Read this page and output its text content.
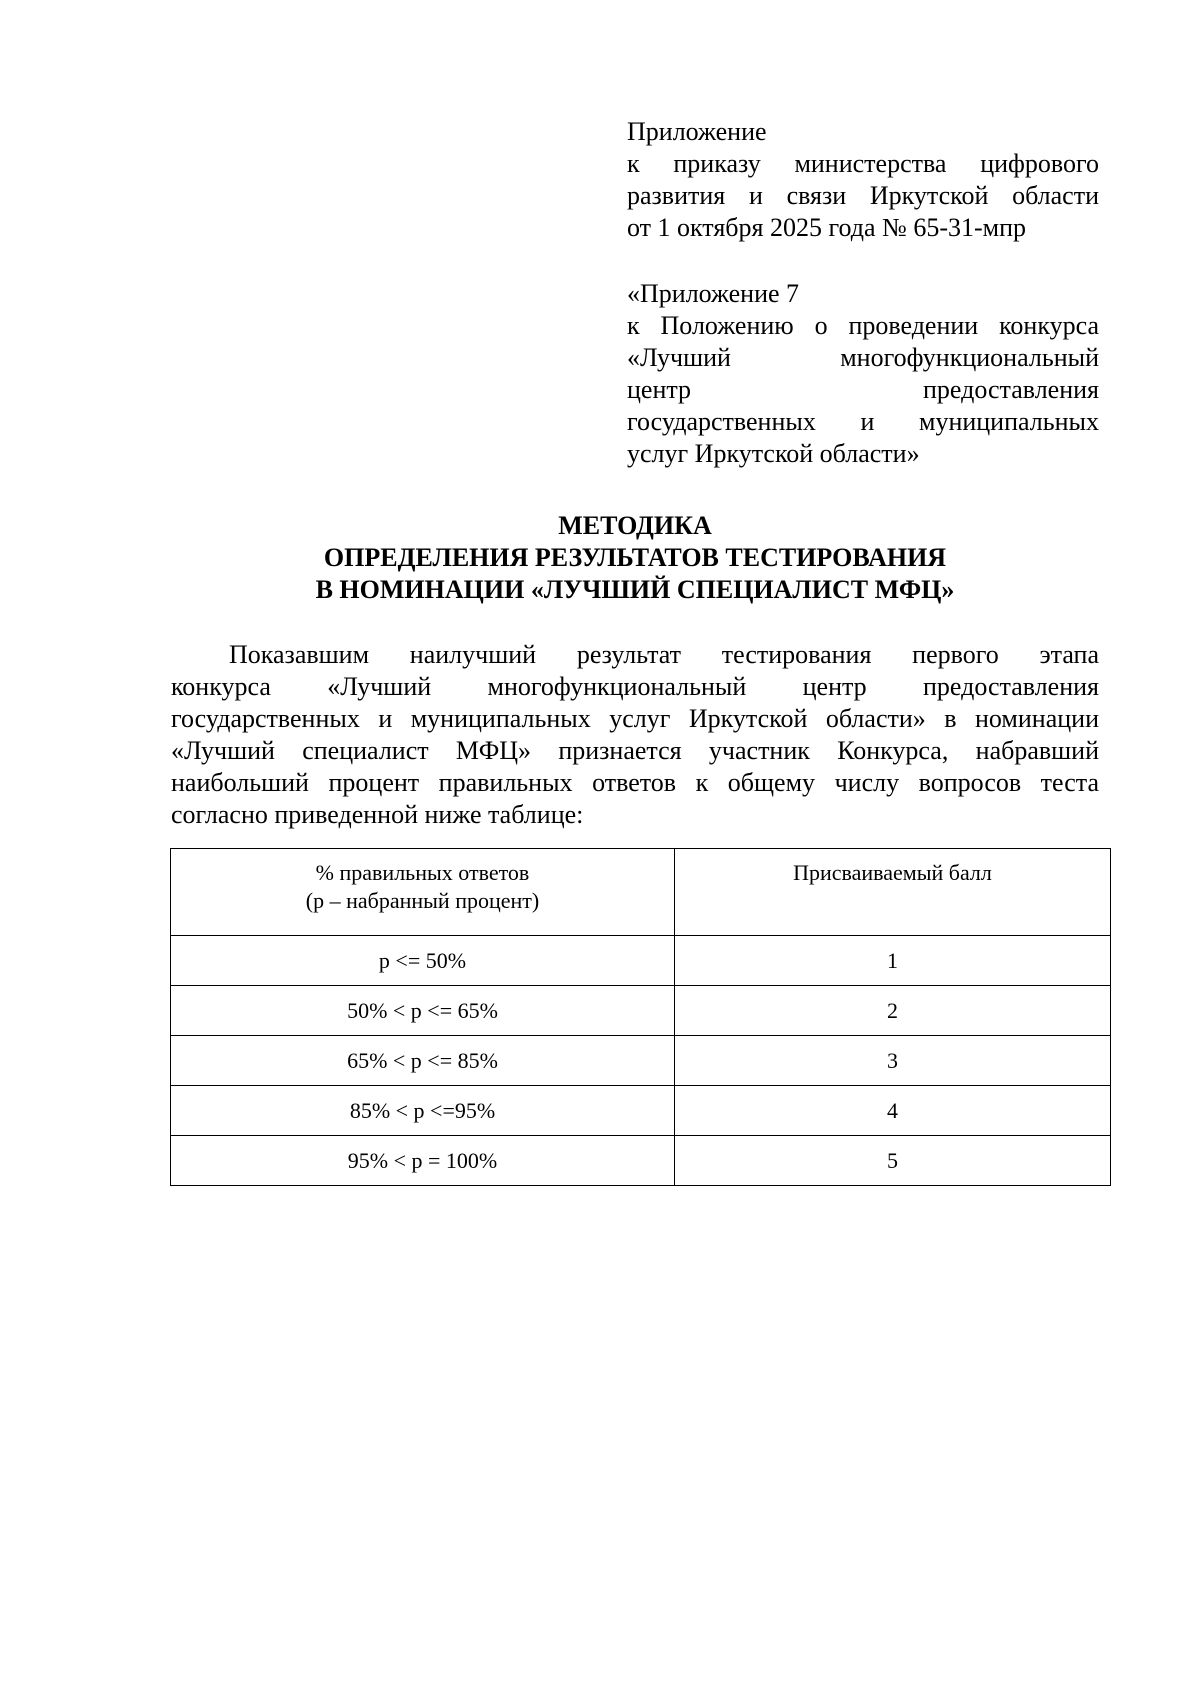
Приложение
к приказу министерства цифрового
развития и связи Иркутской области
от 1 октября 2025 года № 65-31-мпр
«Приложение 7
к Положению о проведении конкурса
«Лучший многофункциональный
центр предоставления
государственных и муниципальных
услуг Иркутской области»
МЕТОДИКА
ОПРЕДЕЛЕНИЯ РЕЗУЛЬТАТОВ ТЕСТИРОВАНИЯ
В НОМИНАЦИИ «ЛУЧШИЙ СПЕЦИАЛИСТ МФЦ»
Показавшим наилучший результат тестирования первого этапа
конкурса «Лучший многофункциональный центр предоставления
государственных и муниципальных услуг Иркутской области» в номинации
«Лучший специалист МФЦ» признается участник Конкурса, набравший
наибольший процент правильных ответов к общему числу вопросов теста
согласно приведенной ниже таблице:
% правильных ответов
(p – набранный процент)	Присваиваемый балл
p <= 50%	1
50% < p <= 65%	2
65% < p <= 85%	3
85% < p <=95%	4
95% < p = 100%	5
